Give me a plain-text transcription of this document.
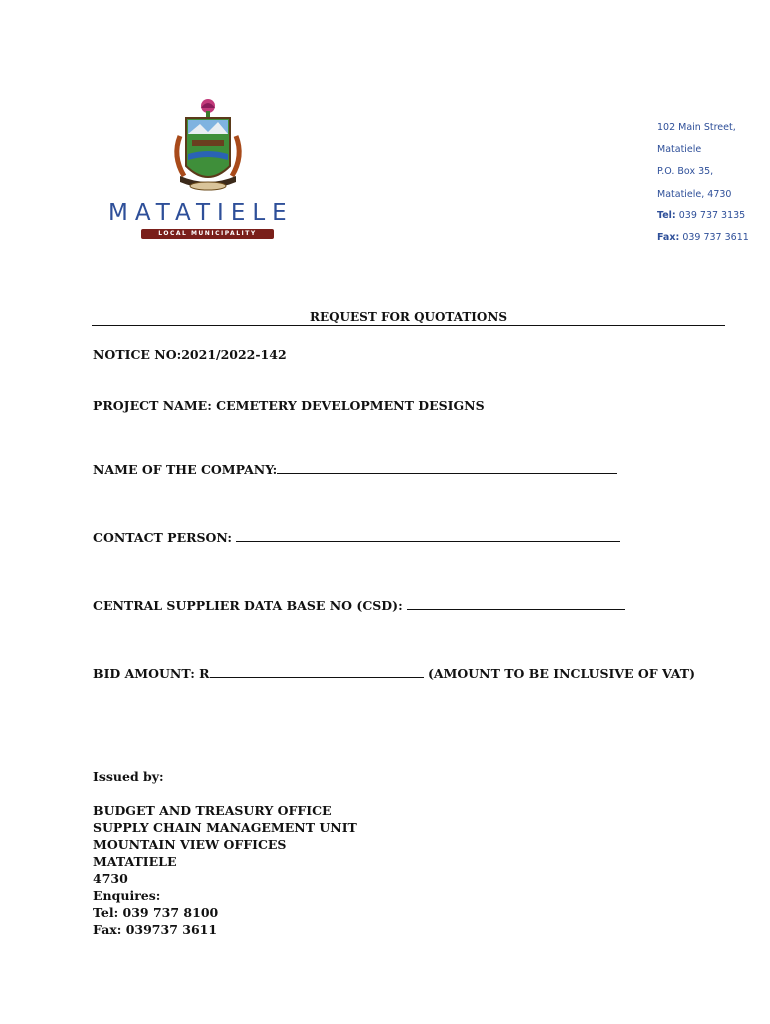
MATATIELE
LOCAL MUNICIPALITY
102 Main Street,
Matatiele
P.O. Box 35,
Matatiele, 4730
Tel: 039 737 3135
Fax: 039 737 3611
REQUEST FOR QUOTATIONS
NOTICE NO:2021/2022-142
PROJECT NAME: CEMETERY DEVELOPMENT DESIGNS
NAME OF THE COMPANY:
CONTACT PERSON:
CENTRAL SUPPLIER DATA BASE NO (CSD):
BID AMOUNT: R	(AMOUNT TO BE INCLUSIVE OF VAT)
Issued by:
BUDGET AND TREASURY OFFICE
SUPPLY CHAIN MANAGEMENT UNIT
MOUNTAIN VIEW OFFICES
MATATIELE
4730
Enquires:
Tel: 039 737 8100
Fax: 039737 3611
